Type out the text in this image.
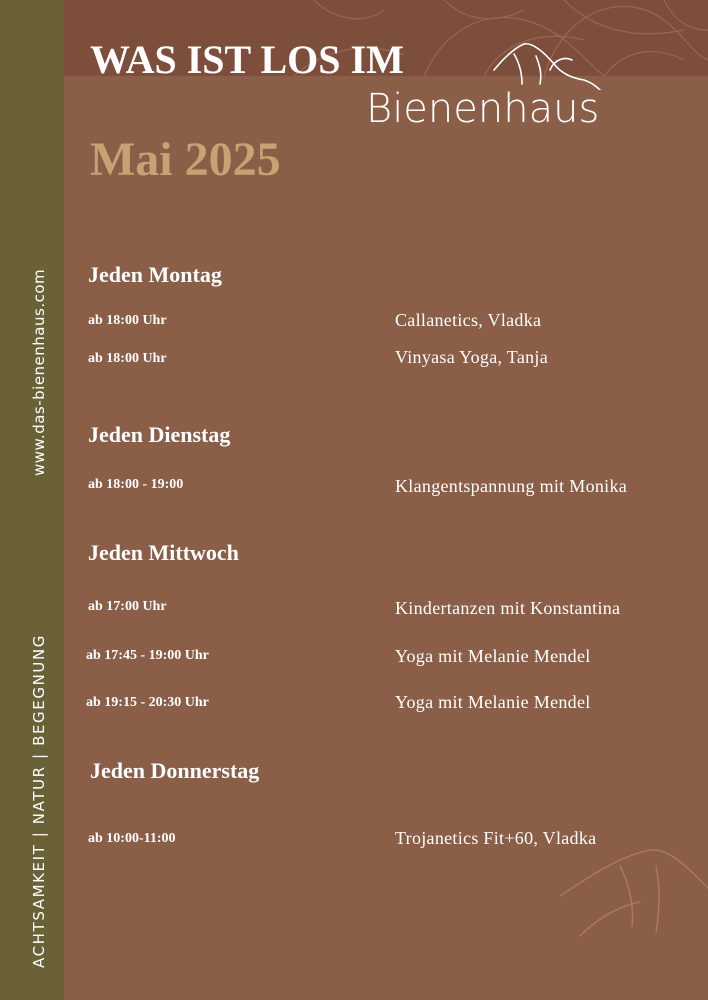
www.das-bienenhaus.com
ACHTSAMKEIT | NATUR | BEGEGNUNG
WAS IST LOS IM
Bienenhaus
Mai 2025
Jeden Montag
ab 18:00 Uhr	Callanetics, Vladka
ab 18:00 Uhr	Vinyasa Yoga, Tanja
Jeden Dienstag
ab 18:00 - 19:00	Klangentspannung mit Monika
Jeden Mittwoch
ab 17:00 Uhr	Kindertanzen mit Konstantina
ab 17:45 - 19:00 Uhr	Yoga mit Melanie Mendel
ab 19:15 - 20:30 Uhr	Yoga mit Melanie Mendel
Jeden Donnerstag
ab 10:00-11:00	Trojanetics Fit+60, Vladka
